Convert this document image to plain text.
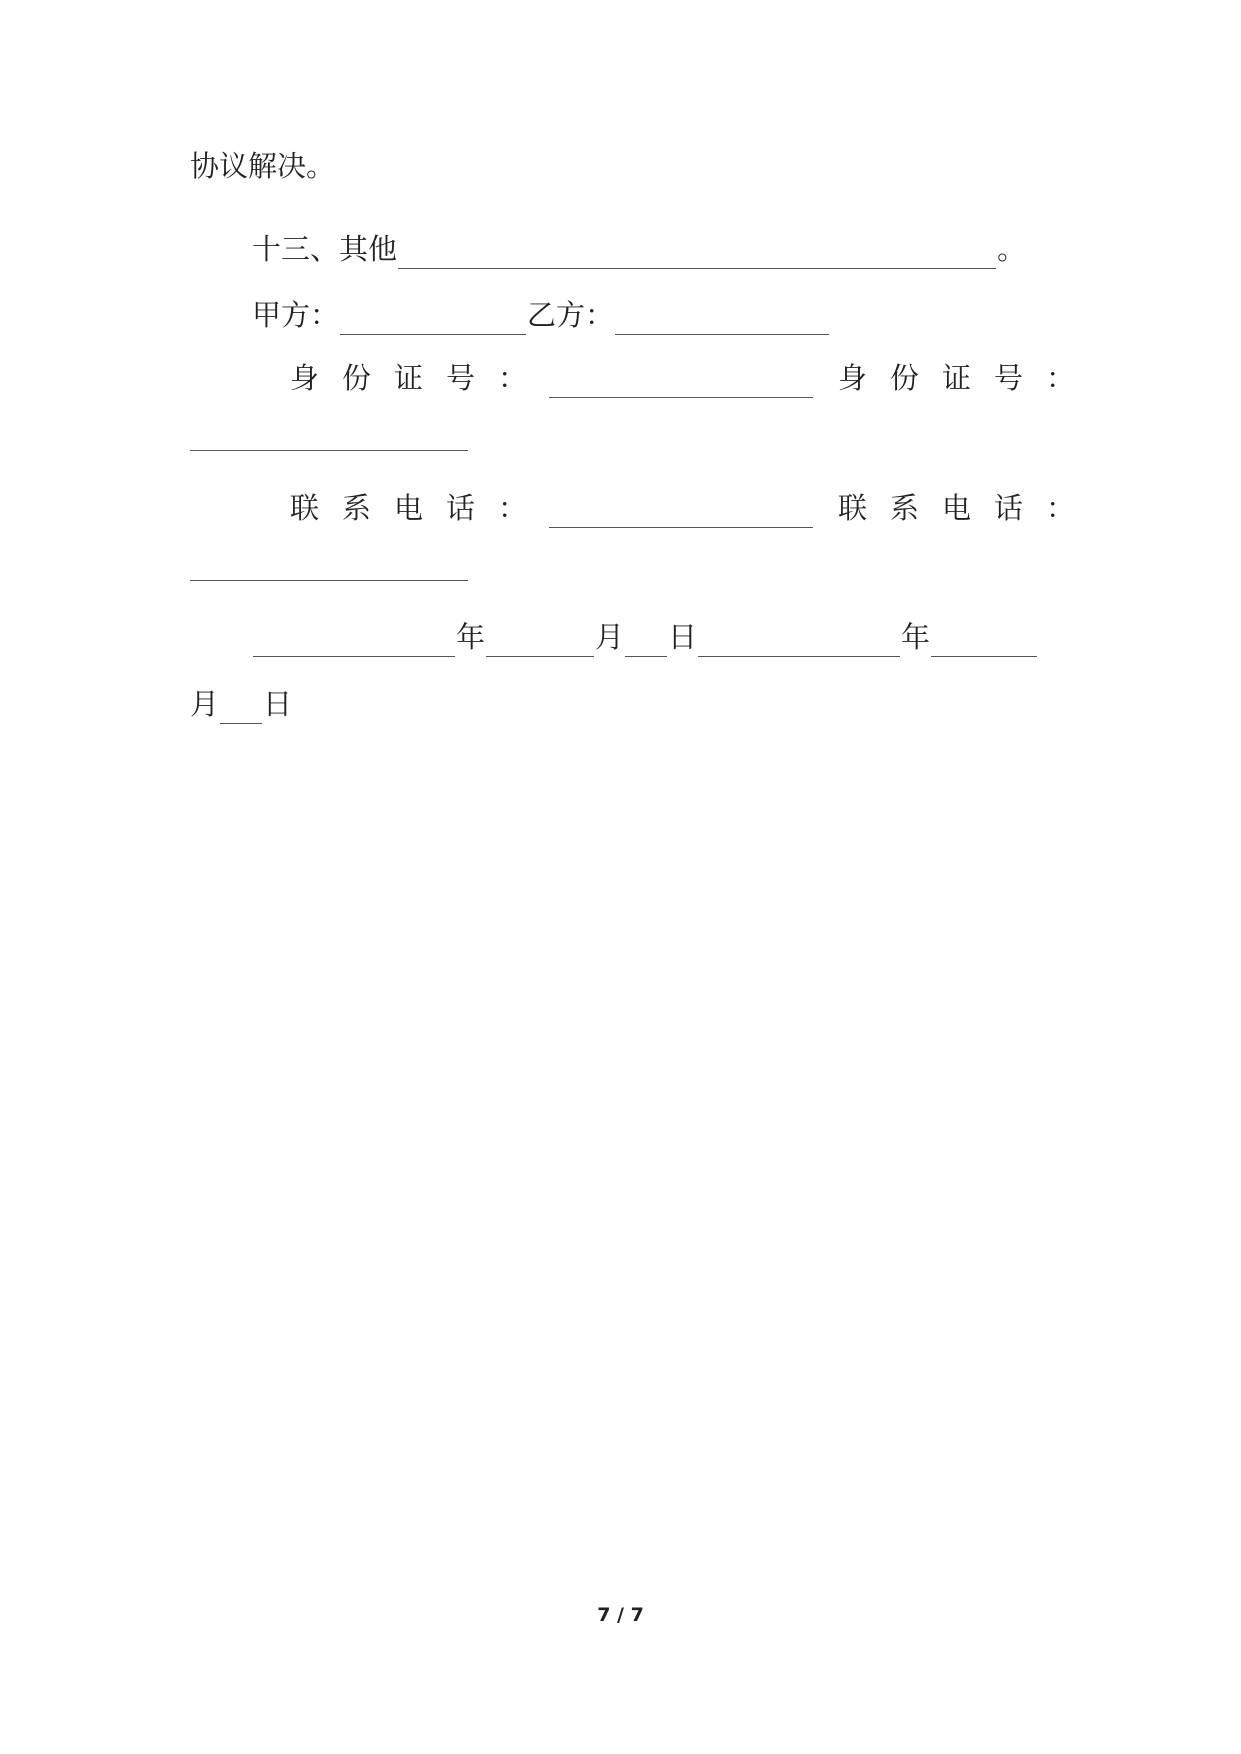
协议解决。
十三、其他	。
甲方：	乙方：
身 份 证 号 ：	身 份 证 号 ：
联 系 电 话 ：	联 系 电 话 ：
年	月 日	年
月 日
7 / 7
